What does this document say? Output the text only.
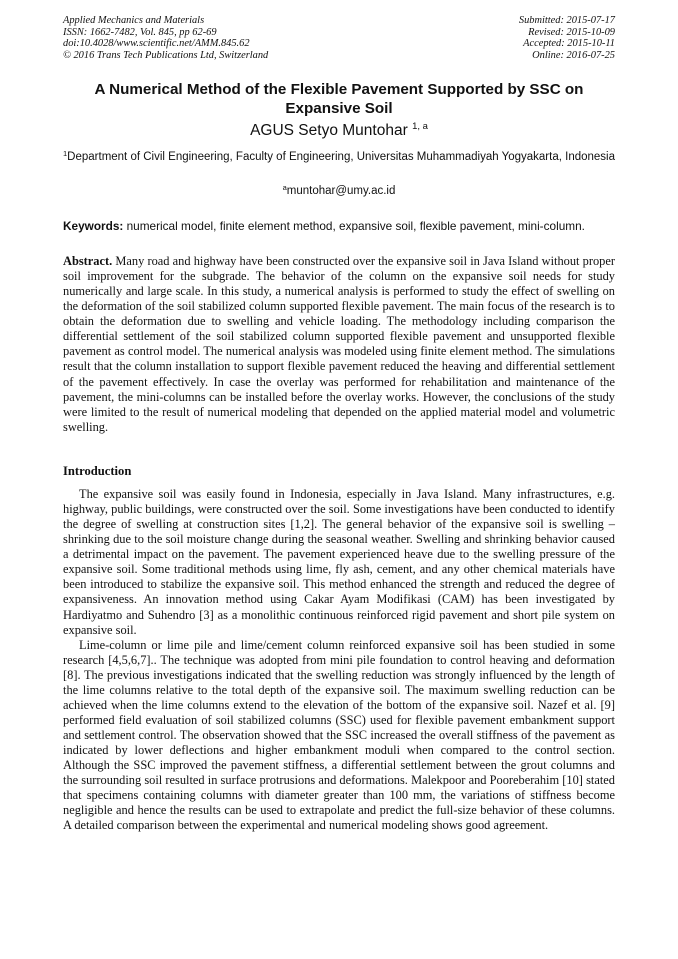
Applied Mechanics and Materials
ISSN: 1662-7482, Vol. 845, pp 62-69
doi:10.4028/www.scientific.net/AMM.845.62
© 2016 Trans Tech Publications Ltd, Switzerland
Submitted: 2015-07-17
Revised: 2015-10-09
Accepted: 2015-10-11
Online: 2016-07-25
A Numerical Method of the Flexible Pavement Supported by SSC on Expansive Soil
AGUS Setyo Muntohar $^{1, a}$
$^1$Department of Civil Engineering, Faculty of Engineering, Universitas Muhammadiyah Yogyakarta, Indonesia
$^a$muntohar@umy.ac.id
Keywords: numerical model, finite element method, expansive soil, flexible pavement, mini-column.
Abstract. Many road and highway have been constructed over the expansive soil in Java Island without proper soil improvement for the subgrade. The behavior of the column on the expansive soil needs for study numerically and large scale. In this study, a numerical analysis is performed to study the effect of swelling on the deformation of the soil stabilized column supported flexible pavement. The main focus of the research is to obtain the deformation due to swelling and vehicle loading. The methodology including comparison the differential settlement of the soil stabilized column supported flexible pavement and unsupported flexible pavement as control model. The numerical analysis was modeled using finite element method. The simulations result that the column installation to support flexible pavement reduced the heaving and differential settlement of the pavement effectively. In case the overlay was performed for rehabilitation and maintenance of the pavement, the mini-columns can be installed before the overlay works. However, the conclusions of the study were limited to the result of numerical modeling that depended on the applied material model and volumetric swelling.
Introduction

The expansive soil was easily found in Indonesia, especially in Java Island. Many infrastructures, e.g. highway, public buildings, were constructed over the soil. Some investigations have been conducted to identify the degree of swelling at construction sites [1,2]. The general behavior of the expansive soil is swelling – shrinking due to the soil moisture change during the seasonal weather. Swelling and shrinking behavior caused a detrimental impact on the pavement. The pavement experienced heave due to the swelling pressure of the expansive soil. Some traditional methods using lime, fly ash, cement, and any other chemical materials have been introduced to stabilize the expansive soil. This method enhanced the strength and reduced the degree of expansiveness. An innovation method using Cakar Ayam Modifikasi (CAM) has been investigated by Hardiyatmo and Suhendro [3] as a monolithic continuous reinforced rigid pavement and short pile system on expansive soil.

Lime-column or lime pile and lime/cement column reinforced expansive soil has been studied in some research [4,5,6,7].. The technique was adopted from mini pile foundation to control heaving and deformation [8]. The previous investigations indicated that the swelling reduction was strongly influenced by the length of the lime columns relative to the total depth of the expansive soil. The maximum swelling reduction can be achieved when the lime columns extend to the elevation of the bottom of the expansive soil. Nazef et al. [9] performed field evaluation of soil stabilized columns (SSC) used for flexible pavement embankment support and settlement control. The observation showed that the SSC increased the overall stiffness of the pavement as indicated by lower deflections and higher embankment moduli when compared to the control section. Although the SSC improved the pavement stiffness, a differential settlement between the grout columns and the surrounding soil resulted in surface protrusions and deformations. Malekpoor and Pooreberahim [10] stated that specimens containing columns with diameter greater than 100 mm, the variations of stiffness become negligible and hence the results can be used to extrapolate and predict the full-size behavior of these columns. A detailed comparison between the experimental and numerical modeling shows good agreement.
